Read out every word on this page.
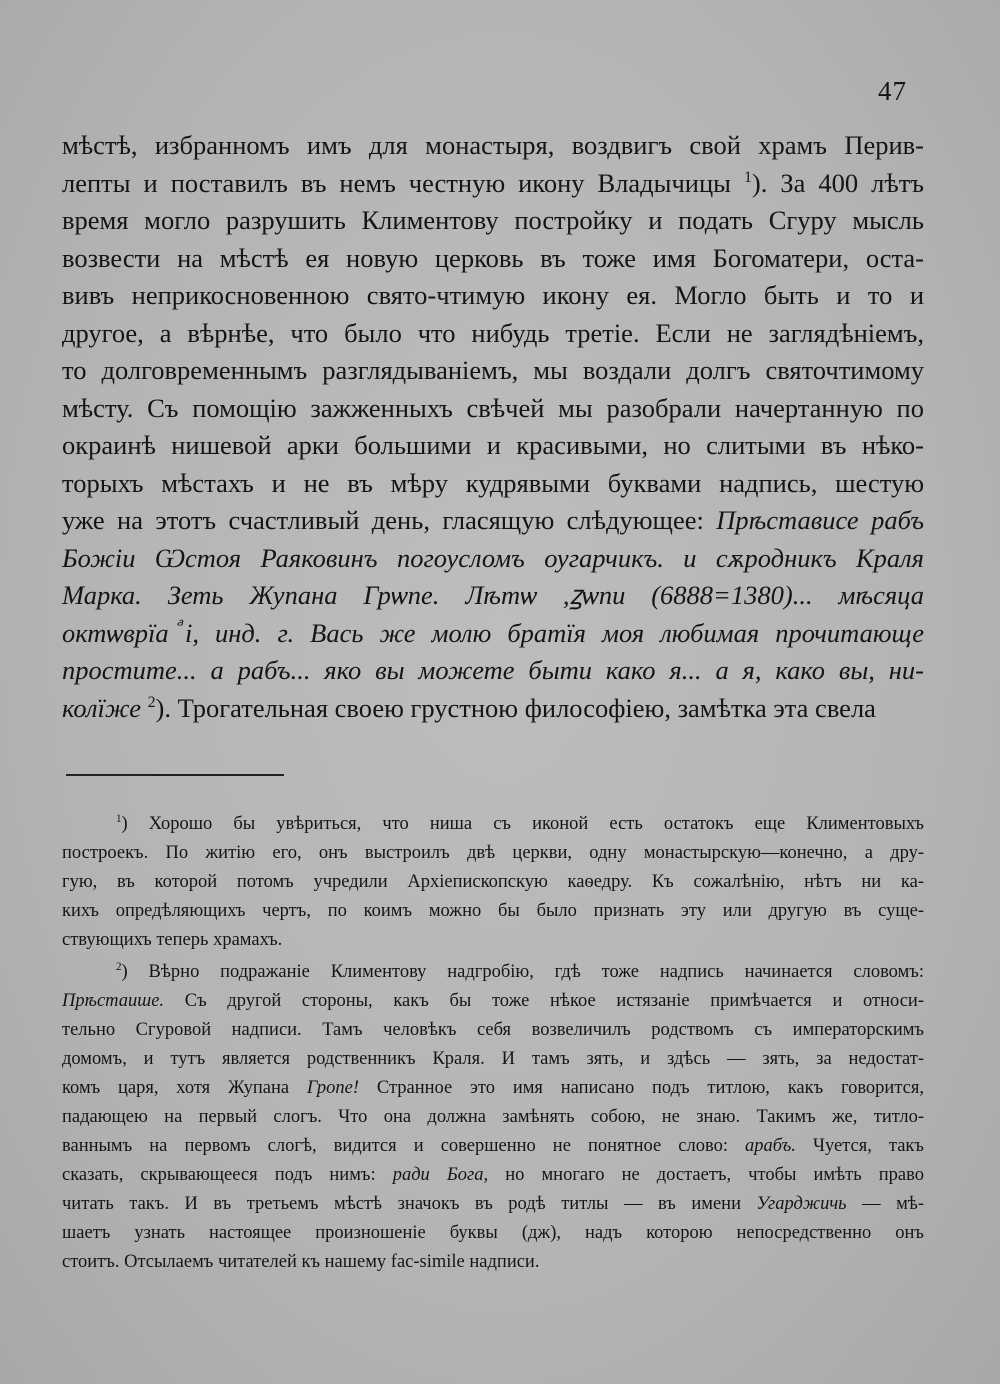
47
мѣстѣ, избранномъ имъ для монастыря, воздвигъ свой храмъ Перив-
лепты и поставилъ въ немъ честную икону Владычицы $^1$). За 400 лѣтъ
время могло разрушить Климентову постройку и подать Сгуру мысль
возвести на мѣстѣ ея новую церковь въ тоже имя Богоматери, оста-
вивъ неприкосновенною свято-чтимую икону ея. Могло быть и то и
другое, а вѣрнѣе, что было что нибудь третіе. Если не заглядѣніемъ,
то долговременнымъ разглядываніемъ, мы воздали долгъ святочтимому
мѣсту. Съ помощію зажженныхъ свѣчей мы разобрали начертанную по
окраинѣ нишевой арки большими и красивыми, но слитыми въ нѣко-
торыхъ мѣстахъ и не въ мѣру кудрявыми буквами надпись, шестую
уже на этотъ счастливый день, гласящую слѣдующее: Прѣстависе рабъ
Божіи Ѡстоя Раяковинъ погоусломъ оугарчикъ. и сѫродникъ Краля
Марка. Зеть Жупана Грѡпе. Лѣтѡ ,ꙁѡпи (6888=1380)... мѣсяца
октѡврїа ⷶі, инд. г. Вась же молю братїя моя любимая прочитающе
простите... а рабъ... яко вы можете быти како я... а я, како вы, ни-
колїже $^2$). Трогательная своею грустною философіею, замѣтка эта свела
$^1$) Хорошо бы увѣриться, что ниша съ иконой есть остатокъ еще Климентовыхъ
построекъ. По житію его, онъ выстроилъ двѣ церкви, одну монастырскую—конечно, а дру-
гую, въ которой потомъ учредили Архіепископскую каѳедру. Къ сожалѣнію, нѣтъ ни ка-
кихъ опредѣляющихъ чертъ, по коимъ можно бы было признать эту или другую въ суще-
ствующихъ теперь храмахъ.
$^2$) Вѣрно подражаніе Климентову надгробію, гдѣ тоже надпись начинается словомъ:
Прѣстаише. Съ другой стороны, какъ бы тоже нѣкое истязаніе примѣчается и относи-
тельно Сгуровой надписи. Тамъ человѣкъ себя возвеличилъ родствомъ съ императорскимъ
домомъ, и тутъ является родственникъ Краля. И тамъ зять, и здѣсь — зять, за недостат-
комъ царя, хотя Жупана Гропе! Странное это имя написано подъ титлою, какъ говорится,
падающею на первый слогъ. Что она должна замѣнять собою, не знаю. Такимъ же, титло-
ваннымъ на первомъ слогѣ, видится и совершенно не понятное слово: арабъ. Чуется, такъ
сказать, скрывающееся подъ нимъ: ради Бога, но многаго не достаетъ, чтобы имѣть право
читать такъ. И въ третьемъ мѣстѣ значокъ въ родѣ титлы — въ имени Угарджичь — мѣ-
шаетъ узнать настоящее произношеніе буквы (дж), надъ которою непосредственно онъ
стоитъ. Отсылаемъ читателей къ нашему fac-simile надписи.
